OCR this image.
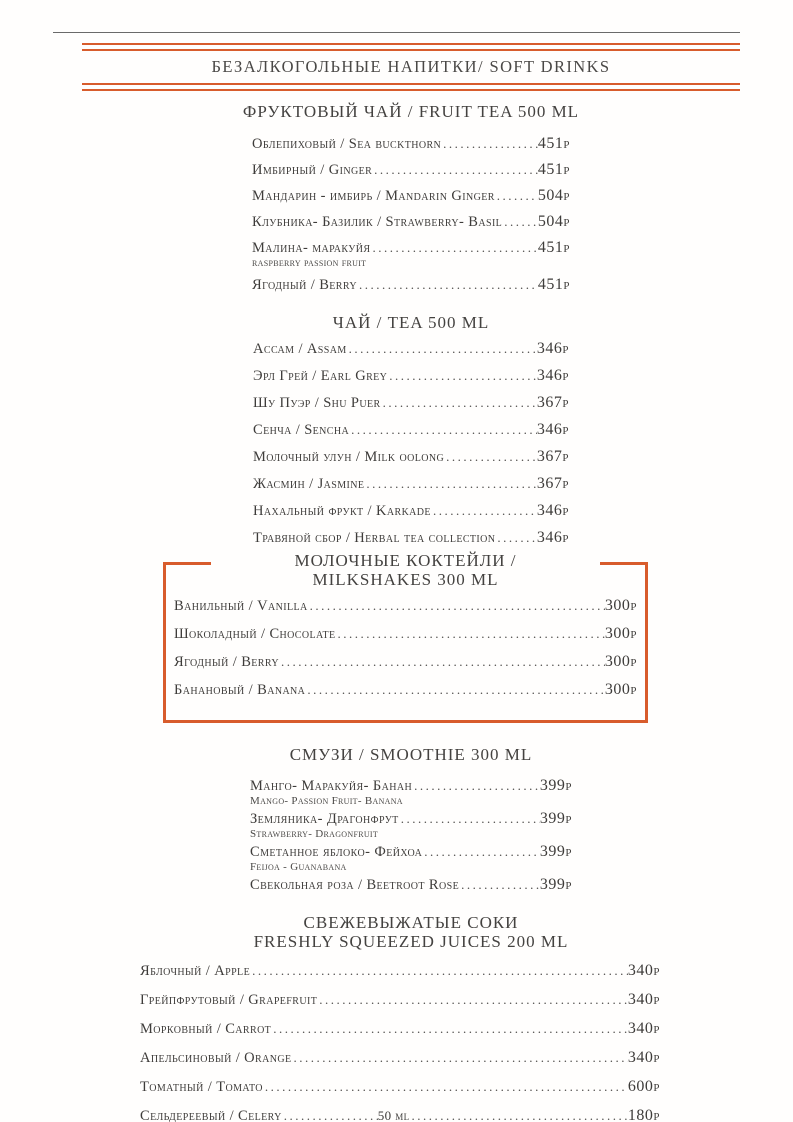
БЕЗАЛКОГОЛЬНЫЕ НАПИТКИ/ SOFT DRINKS
ФРУКТОВЫЙ ЧАЙ / FRUIT TEA 500 ML
Облепиховый / Sea buckthorn .....	451р
Имбирный / Ginger .....	451р
Мандарин - имбирь / Mandarin Ginger .....	504р
Клубника- Базилик / Strawberry- Basil ..... 504р
Малина- маракуйя .....	451р
raspberry passion fruit
Ягодный / Berry .....	451р
ЧАЙ / TEA 500 ML
Ассам / Assam .....	346р
Эрл Грей / Earl Grey .....	346р
Шу Пуэр / Shu Puer .....	367р
Сенча / Sencha .....	346р
Молочный улун / Milk oolong .....	367р
Жасмин / Jasmine .....	367р
Нахальный фрукт / Karkade .....	346р
Травяной сбор / Herbal tea collection .....	346р
МОЛОЧНЫЕ КОКТЕЙЛИ /
MILKSHAKES 300 ML
Ванильный / Vanilla .....	300р
Шоколадный / Chocolate .....	300р
Ягодный / Berry .....	300р
Банановый / Banana .....	300р
СМУЗИ / SMOOTHIE 300 ML
Манго- Маракуйя- Банан .....	399р
Mango- Passion Fruit- Banana
Земляника- Драгонфрут .....	399р
Strawberry- Dragonfruit
Сметанное яблоко- Фейхоа .....	399р
Feijoa - Guanabana
Свекольная роза / Beetroot Rose .....	399р
СВЕЖЕВЫЖАТЫЕ СОКИ
FRESHLY SQUEEZED JUICES 200 ML
Яблочный / Apple .....	340р
Грейпфрутовый / Grapefruit .....	340р
Морковный / Carrot .....	340р
Апельсиновый / Orange .....	340р
Томатный / Tomato .....	600р
Сельдереевый / Celery .....	50 ml .....	180р
